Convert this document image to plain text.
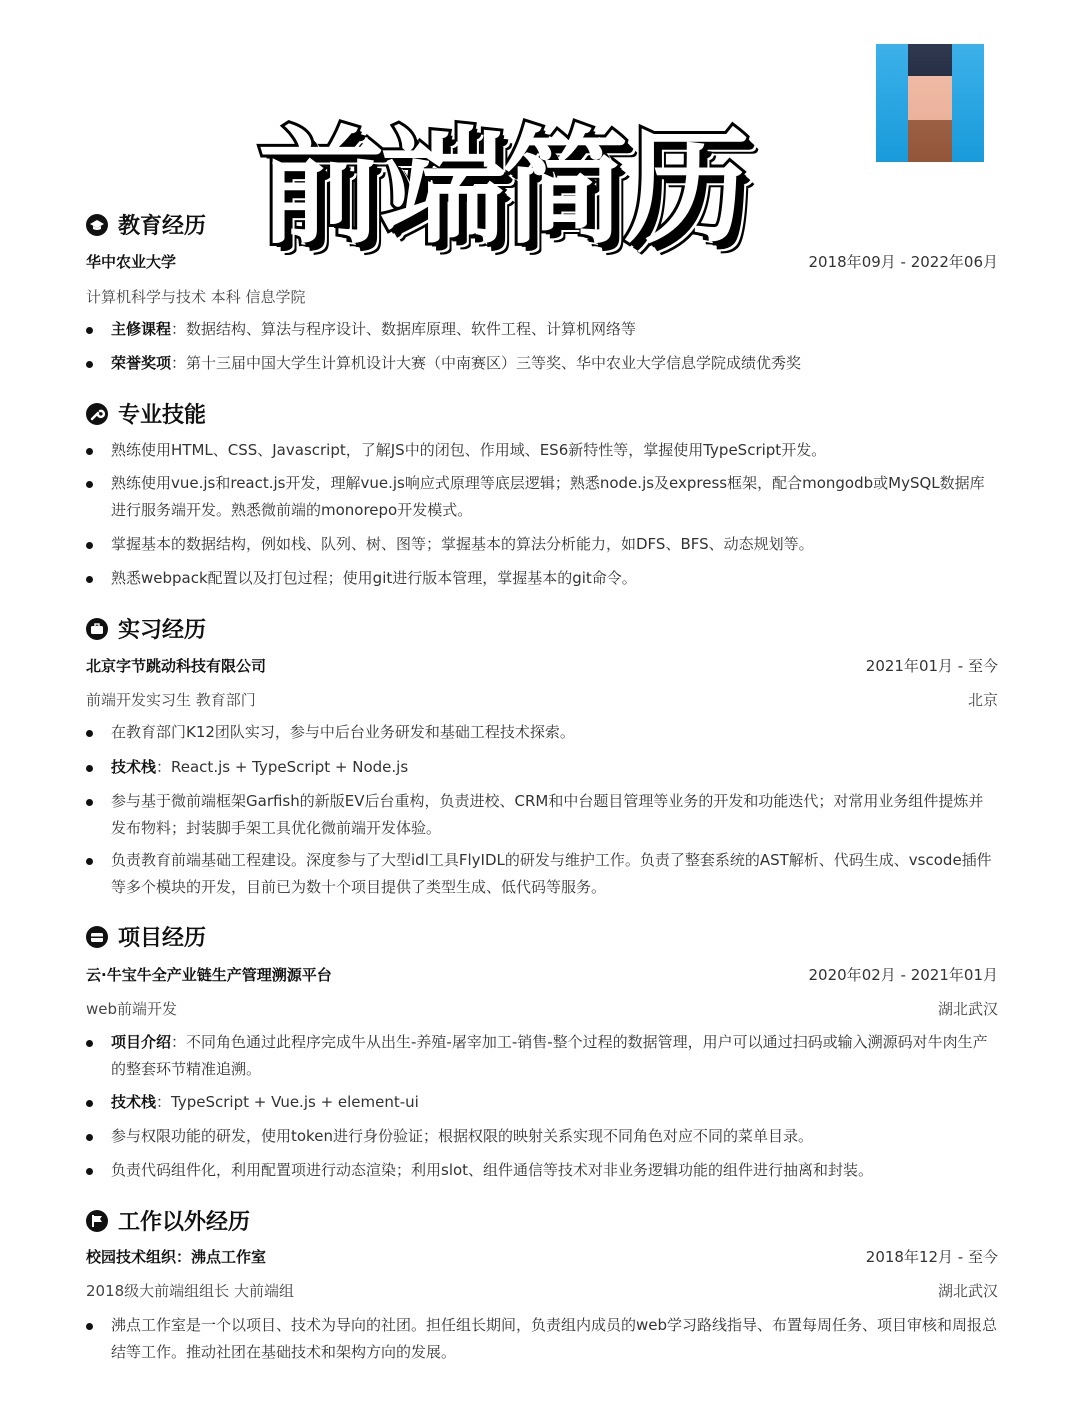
前端简历
教育经历
华中农业大学	2018年09月 - 2022年06月
计算机科学与技术 本科 信息学院
主修课程：数据结构、算法与程序设计、数据库原理、软件工程、计算机网络等
荣誉奖项：第十三届中国大学生计算机设计大赛（中南赛区）三等奖、华中农业大学信息学院成绩优秀奖
专业技能
熟练使用HTML、CSS、Javascript，了解JS中的闭包、作用域、ES6新特性等，掌握使用TypeScript开发。
熟练使用vue.js和react.js开发，理解vue.js响应式原理等底层逻辑；熟悉node.js及express框架，配合mongodb或MySQL数据库进行服务端开发。熟悉微前端的monorepo开发模式。
掌握基本的数据结构，例如栈、队列、树、图等；掌握基本的算法分析能力，如DFS、BFS、动态规划等。
熟悉webpack配置以及打包过程；使用git进行版本管理，掌握基本的git命令。
实习经历
北京字节跳动科技有限公司	2021年01月 - 至今
前端开发实习生 教育部门	北京
在教育部门K12团队实习，参与中后台业务研发和基础工程技术探索。
技术栈：React.js + TypeScript + Node.js
参与基于微前端框架Garfish的新版EV后台重构，负责进校、CRM和中台题目管理等业务的开发和功能迭代；对常用业务组件提炼并发布物料；封装脚手架工具优化微前端开发体验。
负责教育前端基础工程建设。深度参与了大型idl工具FlyIDL的研发与维护工作。负责了整套系统的AST解析、代码生成、vscode插件等多个模块的开发，目前已为数十个项目提供了类型生成、低代码等服务。
项目经历
云·牛宝牛全产业链生产管理溯源平台	2020年02月 - 2021年01月
web前端开发	湖北武汉
项目介绍：不同角色通过此程序完成牛从出生-养殖-屠宰加工-销售-整个过程的数据管理，用户可以通过扫码或输入溯源码对牛肉生产的整套环节精准追溯。
技术栈：TypeScript + Vue.js + element-ui
参与权限功能的研发，使用token进行身份验证；根据权限的映射关系实现不同角色对应不同的菜单目录。
负责代码组件化，利用配置项进行动态渲染；利用slot、组件通信等技术对非业务逻辑功能的组件进行抽离和封装。
工作以外经历
校园技术组织：沸点工作室	2018年12月 - 至今
2018级大前端组组长 大前端组	湖北武汉
沸点工作室是一个以项目、技术为导向的社团。担任组长期间，负责组内成员的web学习路线指导、布置每周任务、项目审核和周报总结等工作。推动社团在基础技术和架构方向的发展。
